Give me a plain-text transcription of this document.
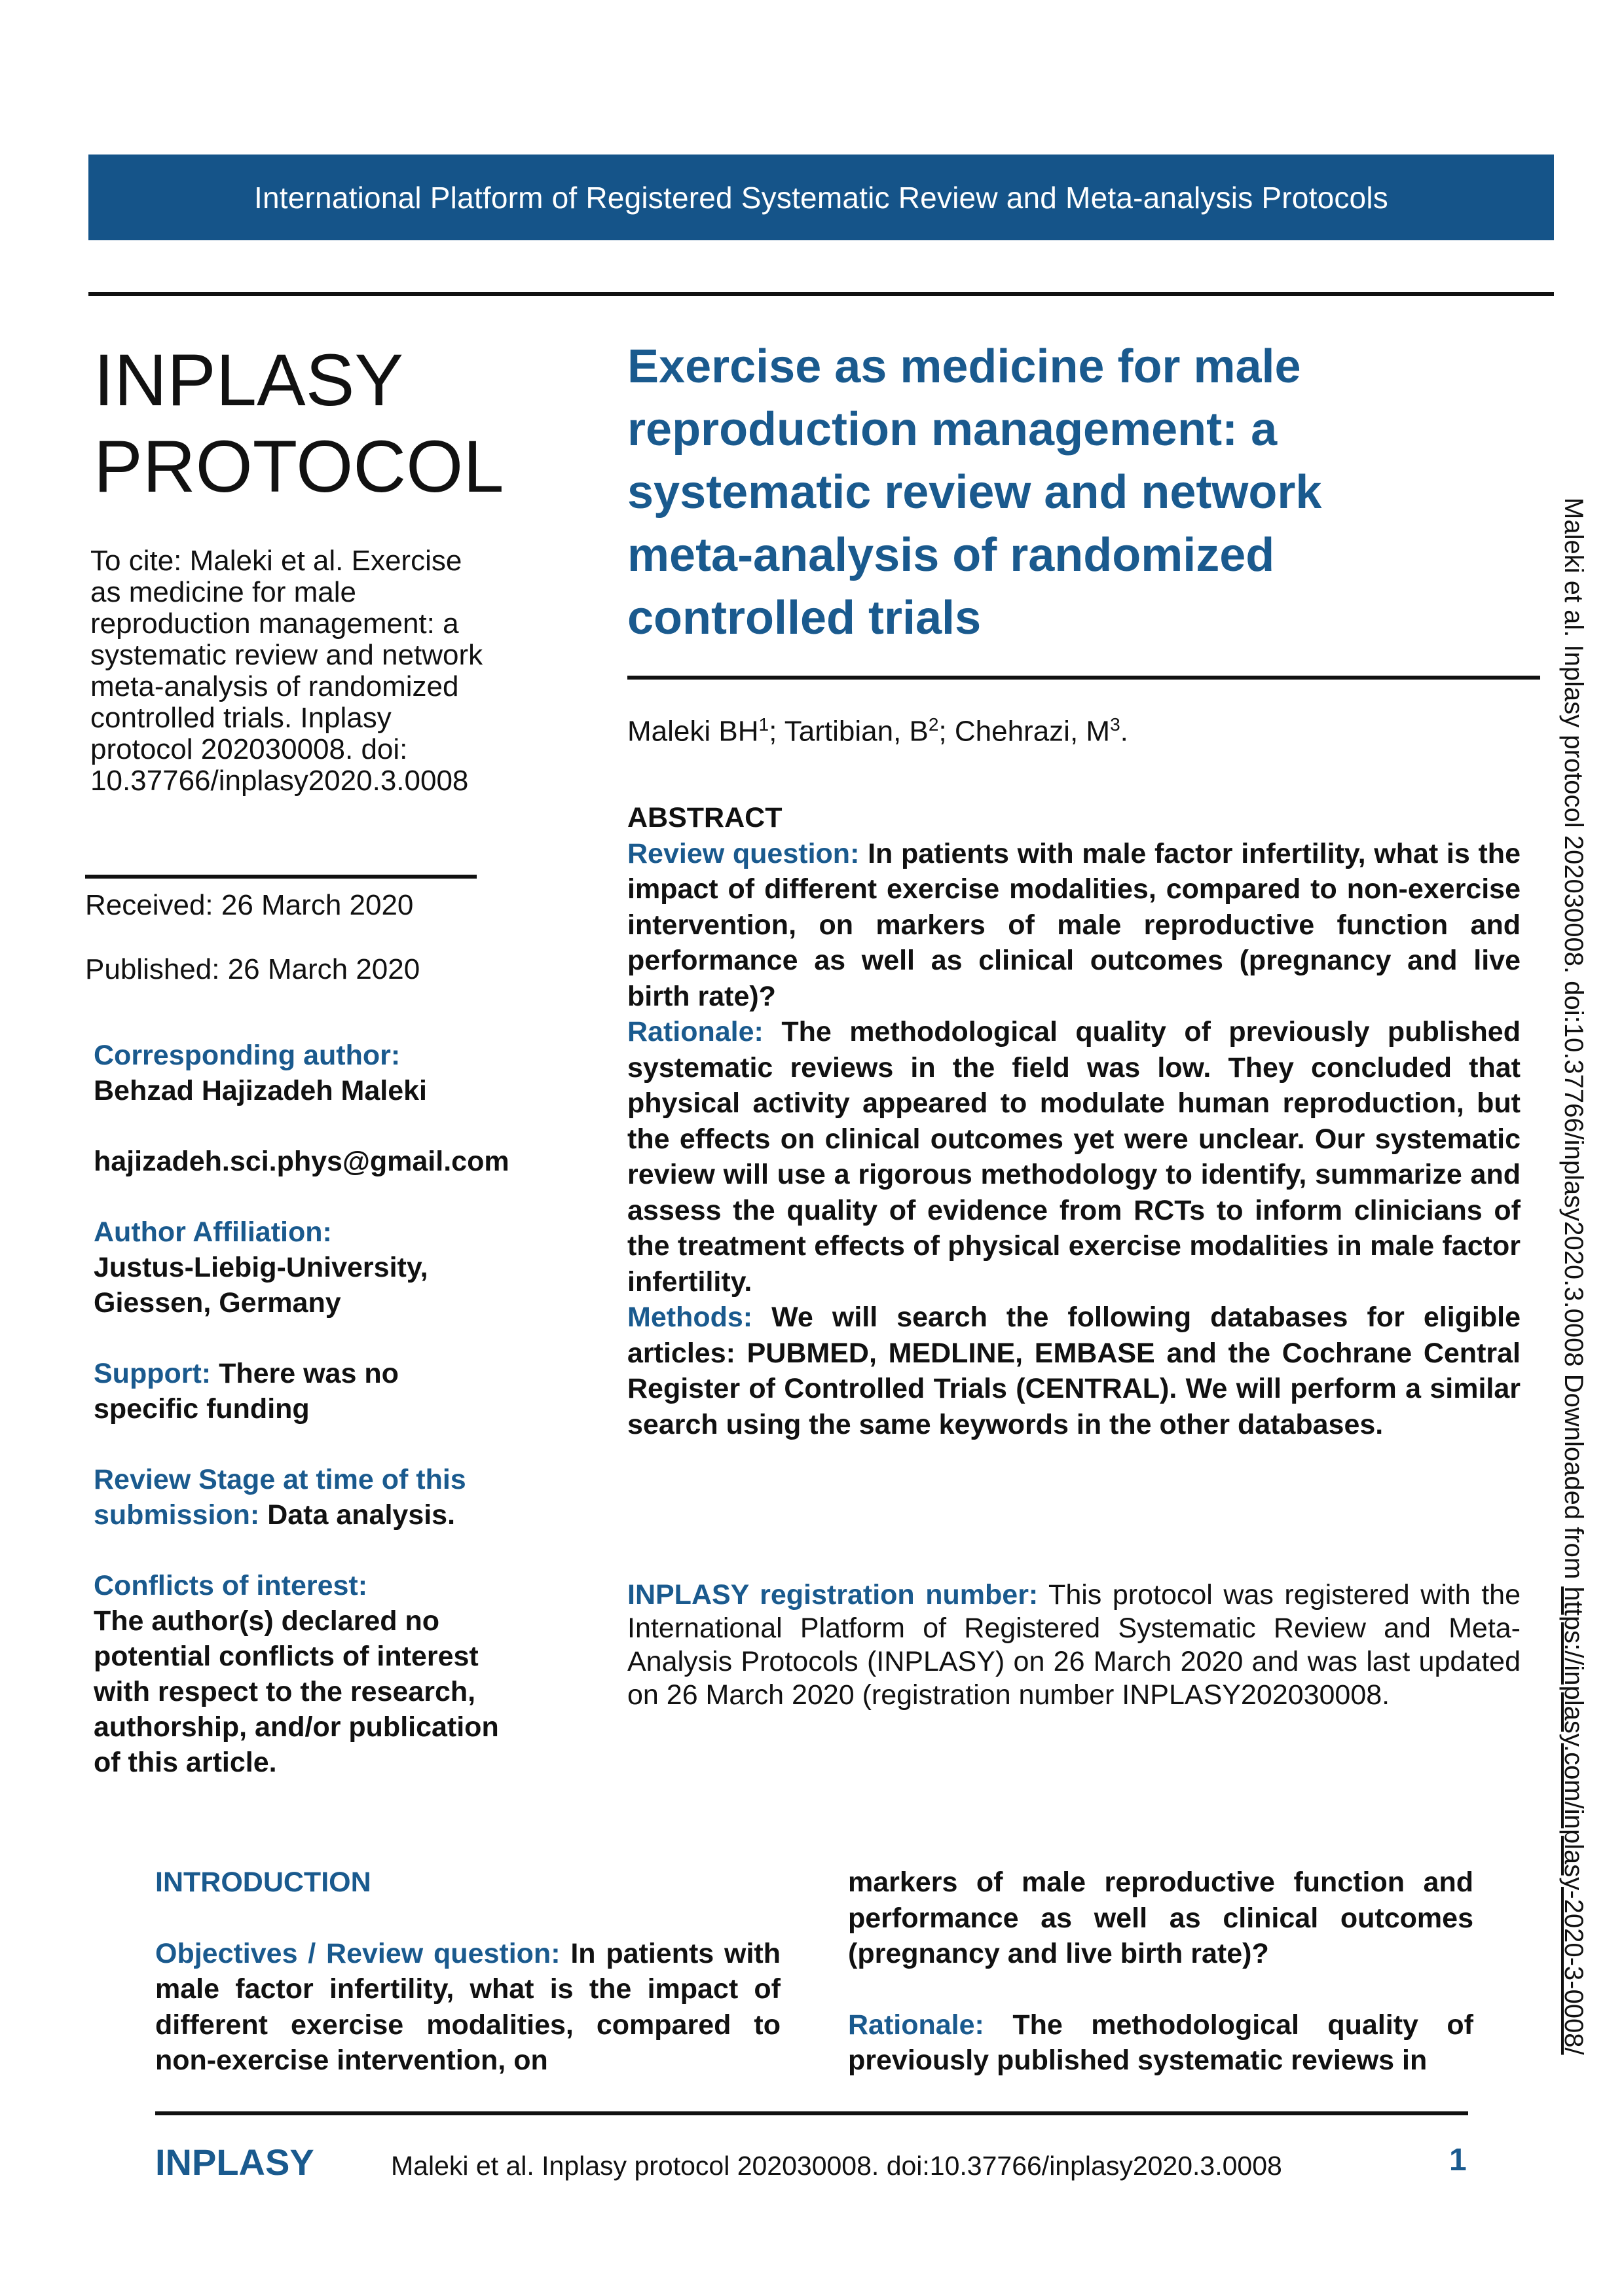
International Platform of Registered Systematic Review and Meta-analysis Protocols
INPLASY
PROTOCOL

To cite: Maleki et al. Exercise
as medicine for male
reproduction management: a
systematic review and network
meta-analysis of randomized
controlled trials. Inplasy
protocol 202030008. doi:
10.37766/inplasy2020.3.0008

Received: 26 March 2020
Published: 26 March 2020

Corresponding author:
Behzad Hajizadeh Maleki

hajizadeh.sci.phys@gmail.com

Author Affiliation:
Justus-Liebig-University,
Giessen, Germany

Support: There was no
specific funding

Review Stage at time of this
submission: Data analysis.

Conflicts of interest:
The author(s) declared no
potential conflicts of interest
with respect to the research,
authorship, and/or publication
of this article.

Exercise as medicine for male
reproduction management: a
systematic review and network
meta-analysis of randomized
controlled trials
Maleki $BH^1$; Tartibian, $B^2$; Chehrazi, $M^3$.

ABSTRACT

Review question: In patients with male factor infertility, what is the impact of different exercise modalities, compared to non-exercise intervention, on markers of male reproductive function and performance as well as clinical outcomes (pregnancy and live birth rate)?

Rationale: The methodological quality of previously published systematic reviews in the field was low. They concluded that physical activity appeared to modulate human reproduction, but the effects on clinical outcomes yet were unclear. Our systematic review will use a rigorous methodology to identify, summarize and assess the quality of evidence from RCTs to inform clinicians of the treatment effects of physical exercise modalities in male factor infertility.

Methods: We will search the following databases for eligible articles: PUBMED, MEDLINE, EMBASE and the Cochrane Central Register of Controlled Trials (CENTRAL). We will perform a similar search using the same keywords in the other databases.

INPLASY registration number: This protocol was registered with the International Platform of Registered Systematic Review and Meta-Analysis Protocols (INPLASY) on 26 March 2020 and was last updated on 26 March 2020 (registration number INPLASY202030008.

INTRODUCTION

Objectives / Review question: In patients with male factor infertility, what is the impact of different exercise modalities, compared to non-exercise intervention, on

markers of male reproductive function and performance as well as clinical outcomes (pregnancy and live birth rate)?

Rationale: The methodological quality of previously published systematic reviews in

INPLASY	Maleki et al. Inplasy protocol 202030008. doi:10.37766/inplasy2020.3.0008	1
Maleki et al. Inplasy protocol 202030008. doi:10.37766/inplasy2020.3.0008 Downloaded from https://inplasy.com/inplasy-2020-3-0008/
